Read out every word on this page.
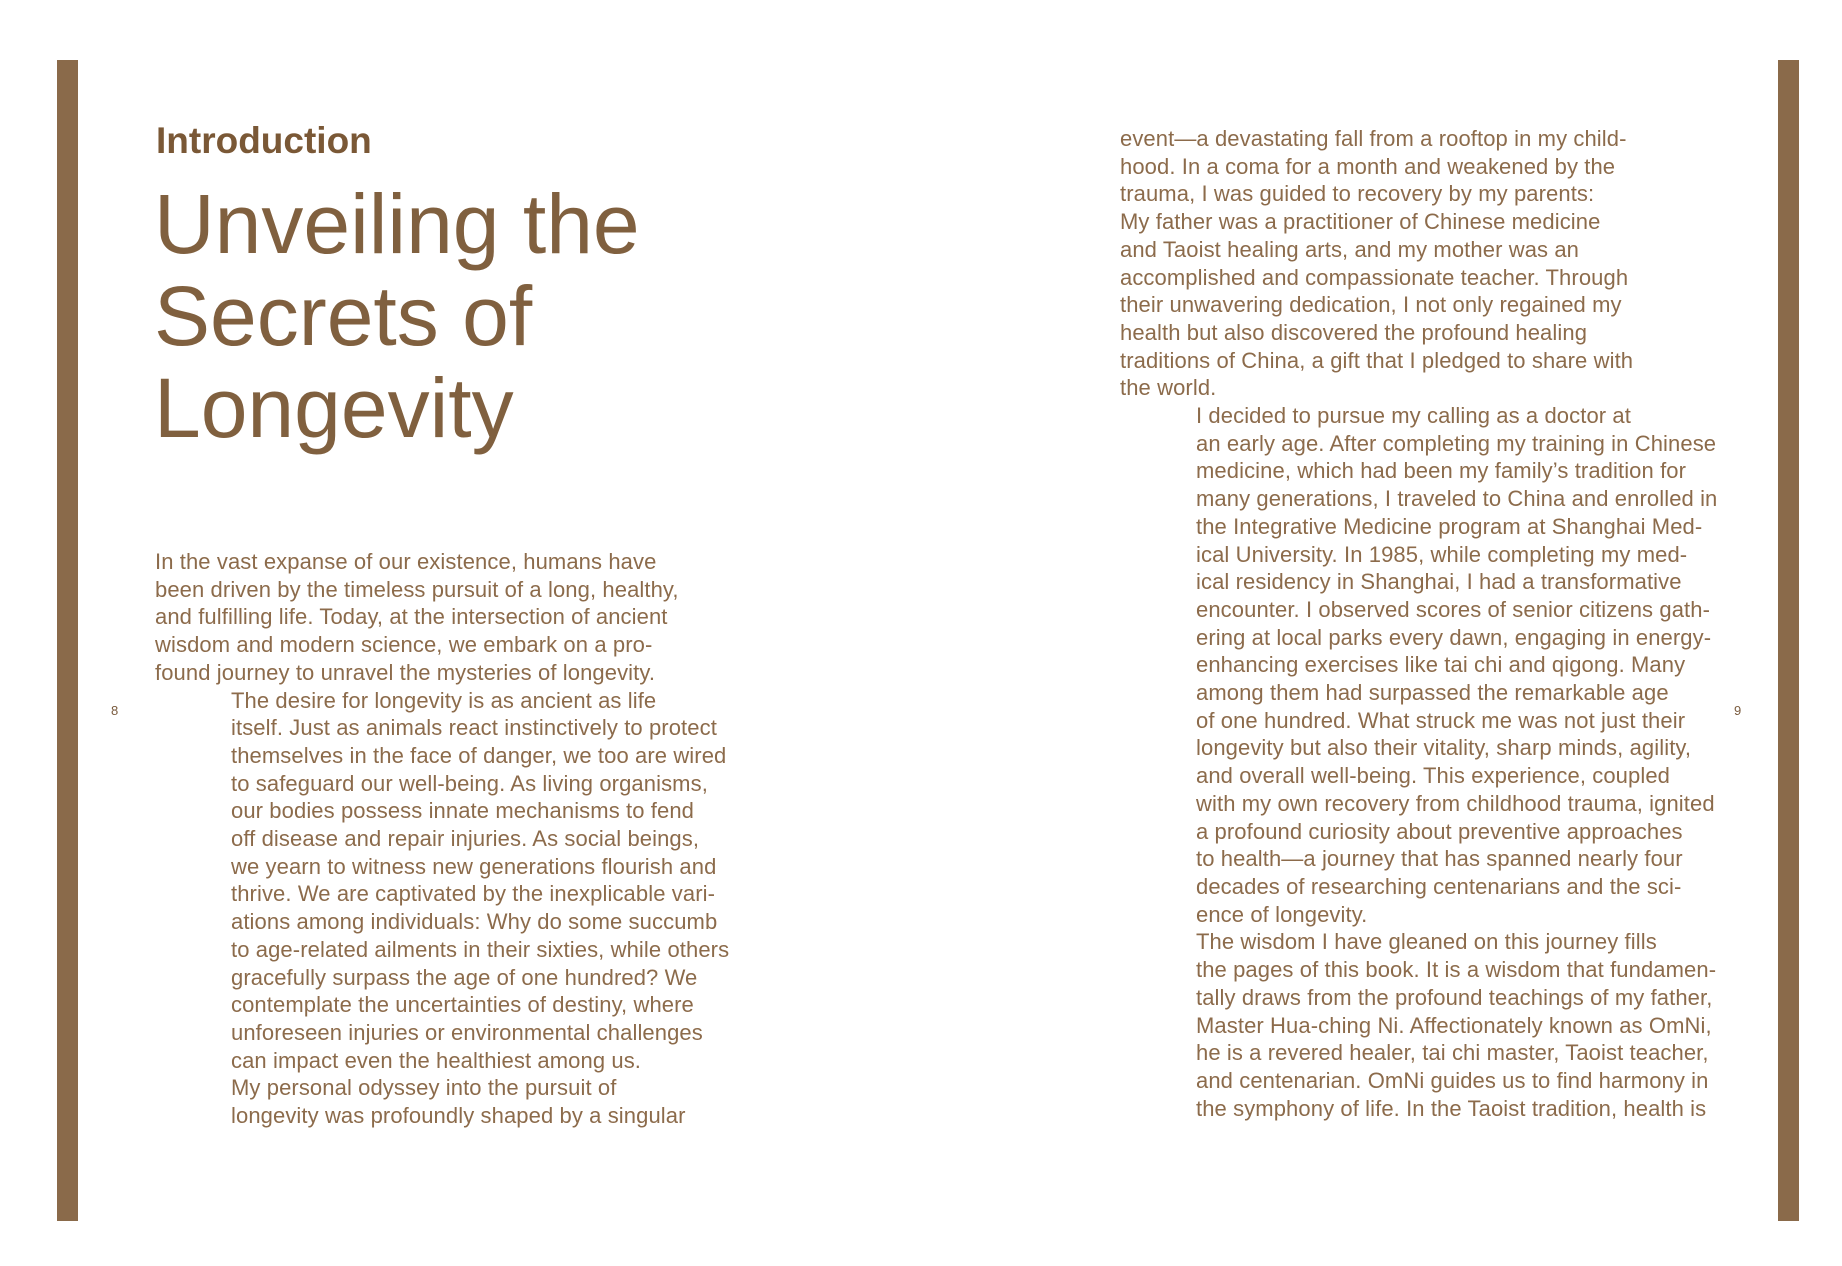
8	9
Introduction
Unveiling the
Secrets of
Longevity

In the vast expanse of our existence, humans have
been driven by the timeless pursuit of a long, healthy,
and fulfilling life. Today, at the intersection of ancient
wisdom and modern science, we embark on a pro-
found journey to unravel the mysteries of longevity.

The desire for longevity is as ancient as life
itself. Just as animals react instinctively to protect
themselves in the face of danger, we too are wired
to safeguard our well-being. As living organisms,
our bodies possess innate mechanisms to fend
off disease and repair injuries. As social beings,
we yearn to witness new generations flourish and
thrive. We are captivated by the inexplicable vari-
ations among individuals: Why do some succumb
to age-related ailments in their sixties, while others
gracefully surpass the age of one hundred? We
contemplate the uncertainties of destiny, where
unforeseen injuries or environmental challenges
can impact even the healthiest among us.

My personal odyssey into the pursuit of
longevity was profoundly shaped by a singular

event—a devastating fall from a rooftop in my child-
hood. In a coma for a month and weakened by the
trauma, I was guided to recovery by my parents:
My father was a practitioner of Chinese medicine
and Taoist healing arts, and my mother was an
accomplished and compassionate teacher. Through
their unwavering dedication, I not only regained my
health but also discovered the profound healing
traditions of China, a gift that I pledged to share with
the world.

I decided to pursue my calling as a doctor at
an early age. After completing my training in Chinese
medicine, which had been my family’s tradition for
many generations, I traveled to China and enrolled in
the Integrative Medicine program at Shanghai Med-
ical University. In 1985, while completing my med-
ical residency in Shanghai, I had a transformative
encounter. I observed scores of senior citizens gath-
ering at local parks every dawn, engaging in energy-
enhancing exercises like tai chi and qigong. Many
among them had surpassed the remarkable age
of one hundred. What struck me was not just their
longevity but also their vitality, sharp minds, agility,
and overall well-being. This experience, coupled
with my own recovery from childhood trauma, ignited
a profound curiosity about preventive approaches
to health—a journey that has spanned nearly four
decades of researching centenarians and the sci-
ence of longevity.

The wisdom I have gleaned on this journey fills
the pages of this book. It is a wisdom that fundamen-
tally draws from the profound teachings of my father,
Master Hua-ching Ni. Affectionately known as OmNi,
he is a revered healer, tai chi master, Taoist teacher,
and centenarian. OmNi guides us to find harmony in
the symphony of life. In the Taoist tradition, health is
